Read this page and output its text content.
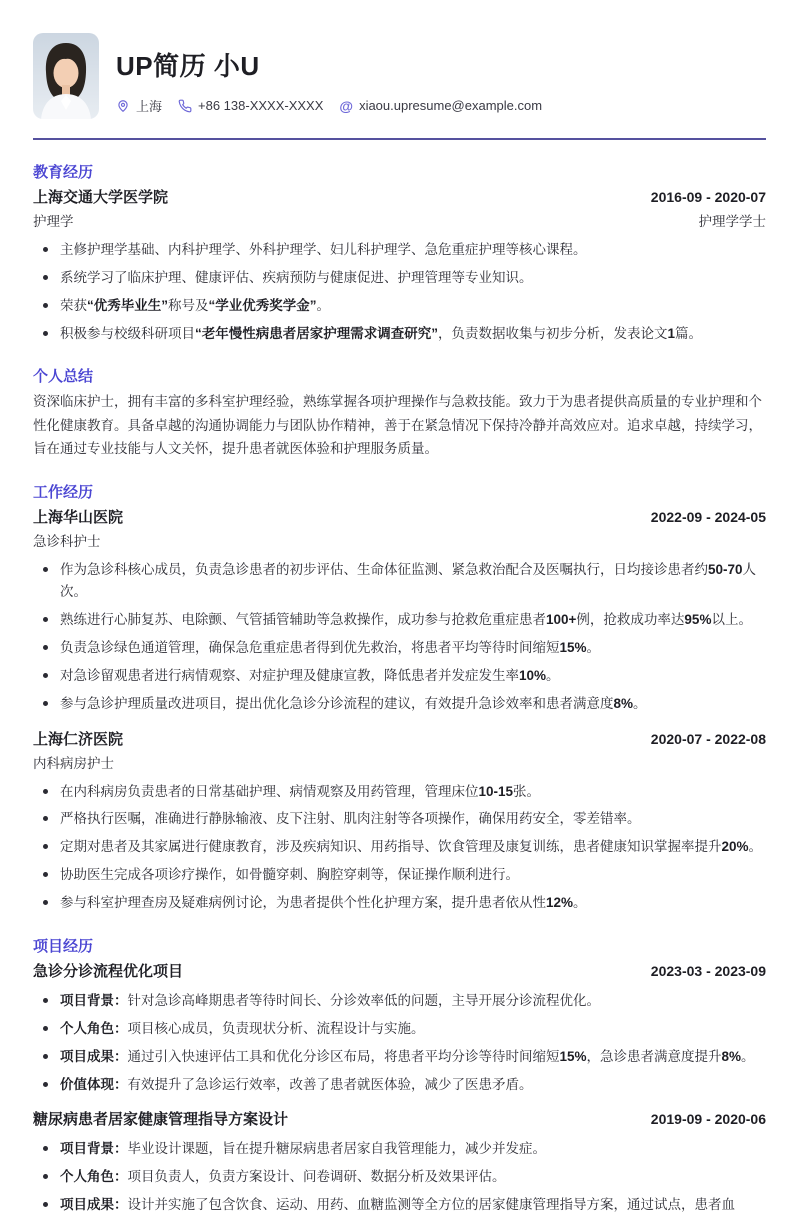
UP简历 小U
上海	+86 138-XXXX-XXXX @ xiaou.upresume@example.com
教育经历
上海交通大学医学院	2016-09 - 2020-07
护理学	护理学学士
主修护理学基础、内科护理学、外科护理学、妇儿科护理学、急危重症护理等核心课程。
系统学习了临床护理、健康评估、疾病预防与健康促进、护理管理等专业知识。
荣获“优秀毕业生”称号及“学业优秀奖学金”。
积极参与校级科研项目“老年慢性病患者居家护理需求调查研究”，负责数据收集与初步分析，发表论文1篇。
个人总结

资深临床护士，拥有丰富的多科室护理经验，熟练掌握各项护理操作与急救技能。致力于为患者提供高质量的专业护理和个性化健康教育。具备卓越的沟通协调能力与团队协作精神，善于在紧急情况下保持冷静并高效应对。追求卓越，持续学习，旨在通过专业技能与人文关怀，提升患者就医体验和护理服务质量。

工作经历
上海华山医院	2022-09 - 2024-05
急诊科护士
作为急诊科核心成员，负责急诊患者的初步评估、生命体征监测、紧急救治配合及医嘱执行，日均接诊患者约50-70人次。
熟练进行心肺复苏、电除颤、气管插管辅助等急救操作，成功参与抢救危重症患者100+例，抢救成功率达95%以上。
负责急诊绿色通道管理，确保急危重症患者得到优先救治，将患者平均等待时间缩短15%。
对急诊留观患者进行病情观察、对症护理及健康宣教，降低患者并发症发生率10%。
参与急诊护理质量改进项目，提出优化急诊分诊流程的建议，有效提升急诊效率和患者满意度8%。
上海仁济医院	2020-07 - 2022-08
内科病房护士
在内科病房负责患者的日常基础护理、病情观察及用药管理，管理床位10-15张。
严格执行医嘱，准确进行静脉输液、皮下注射、肌肉注射等各项操作，确保用药安全，零差错率。
定期对患者及其家属进行健康教育，涉及疾病知识、用药指导、饮食管理及康复训练，患者健康知识掌握率提升20%。
协助医生完成各项诊疗操作，如骨髓穿刺、胸腔穿刺等，保证操作顺利进行。
参与科室护理查房及疑难病例讨论，为患者提供个性化护理方案，提升患者依从性12%。
项目经历
急诊分诊流程优化项目	2023-03 - 2023-09
项目背景：针对急诊高峰期患者等待时间长、分诊效率低的问题，主导开展分诊流程优化。
个人角色：项目核心成员，负责现状分析、流程设计与实施。
项目成果：通过引入快速评估工具和优化分诊区布局，将患者平均分诊等待时间缩短15%，急诊患者满意度提升8%。
价值体现：有效提升了急诊运行效率，改善了患者就医体验，减少了医患矛盾。
糖尿病患者居家健康管理指导方案设计	2019-09 - 2020-06
项目背景：毕业设计课题，旨在提升糖尿病患者居家自我管理能力，减少并发症。
个人角色：项目负责人，负责方案设计、问卷调研、数据分析及效果评估。
项目成果：设计并实施了包含饮食、运动、用药、血糖监测等全方位的居家健康管理指导方案，通过试点，患者血
